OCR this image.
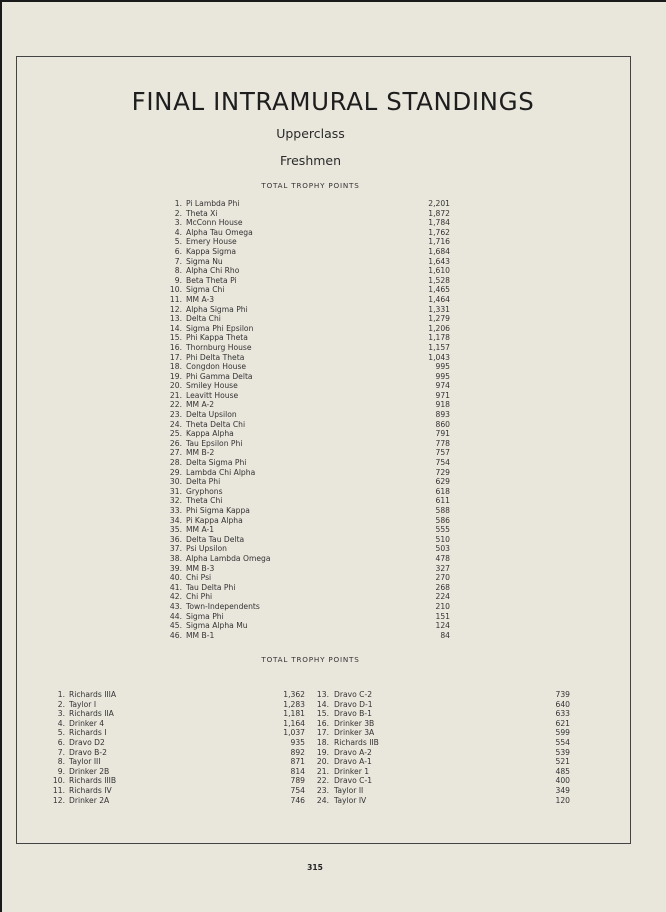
FINAL INTRAMURAL STANDINGS
Upperclass
Freshmen
TOTAL TROPHY POINTS
1. Pi Lambda Phi	2,201
2. Theta Xi	1,872
3. McConn House	1,784
4. Alpha Tau Omega	1,762
5. Emery House	1,716
6. Kappa Sigma	1,684
7. Sigma Nu	1,643
8. Alpha Chi Rho	1,610
9. Beta Theta Pi	1,528
10. Sigma Chi	1,465
11. MM A-3	1,464
12. Alpha Sigma Phi	1,331
13. Delta Chi	1,279
14. Sigma Phi Epsilon	1,206
15. Phi Kappa Theta	1,178
16. Thornburg House	1,157
17. Phi Delta Theta	1,043
18. Congdon House	995
19. Phi Gamma Delta	995
20. Smiley House	974
21. Leavitt House	971
22. MM A-2	918
23. Delta Upsilon	893
24. Theta Delta Chi	860
25. Kappa Alpha	791
26. Tau Epsilon Phi	778
27. MM B-2	757
28. Delta Sigma Phi	754
29. Lambda Chi Alpha	729
30. Delta Phi	629
31. Gryphons	618
32. Theta Chi	611
33. Phi Sigma Kappa	588
34. Pi Kappa Alpha	586
35. MM A-1	555
36. Delta Tau Delta	510
37. Psi Upsilon	503
38. Alpha Lambda Omega	478
39. MM B-3	327
40. Chi Psi	270
41. Tau Delta Phi	268
42. Chi Phi	224
43. Town-Independents	210
44. Sigma Phi	151
45. Sigma Alpha Mu	124
46. MM B-1	84
TOTAL TROPHY POINTS
1. Richards IIIA	1,362
2. Taylor I	1,283
3. Richards IIA	1,181
4. Drinker 4	1,164
5. Richards I	1,037
6. Dravo D2	935
7. Dravo B-2	892
8. Taylor III	871
9. Drinker 2B	814
10. Richards IIIB	789
11. Richards IV	754
12. Drinker 2A	746
13. Dravo C-2	739
14. Dravo D-1	640
15. Dravo B-1	633
16. Drinker 3B	621
17. Drinker 3A	599
18. Richards IIB	554
19. Dravo A-2	539
20. Dravo A-1	521
21. Drinker 1	485
22. Dravo C-1	400
23. Taylor II	349
24. Taylor IV	120
315
